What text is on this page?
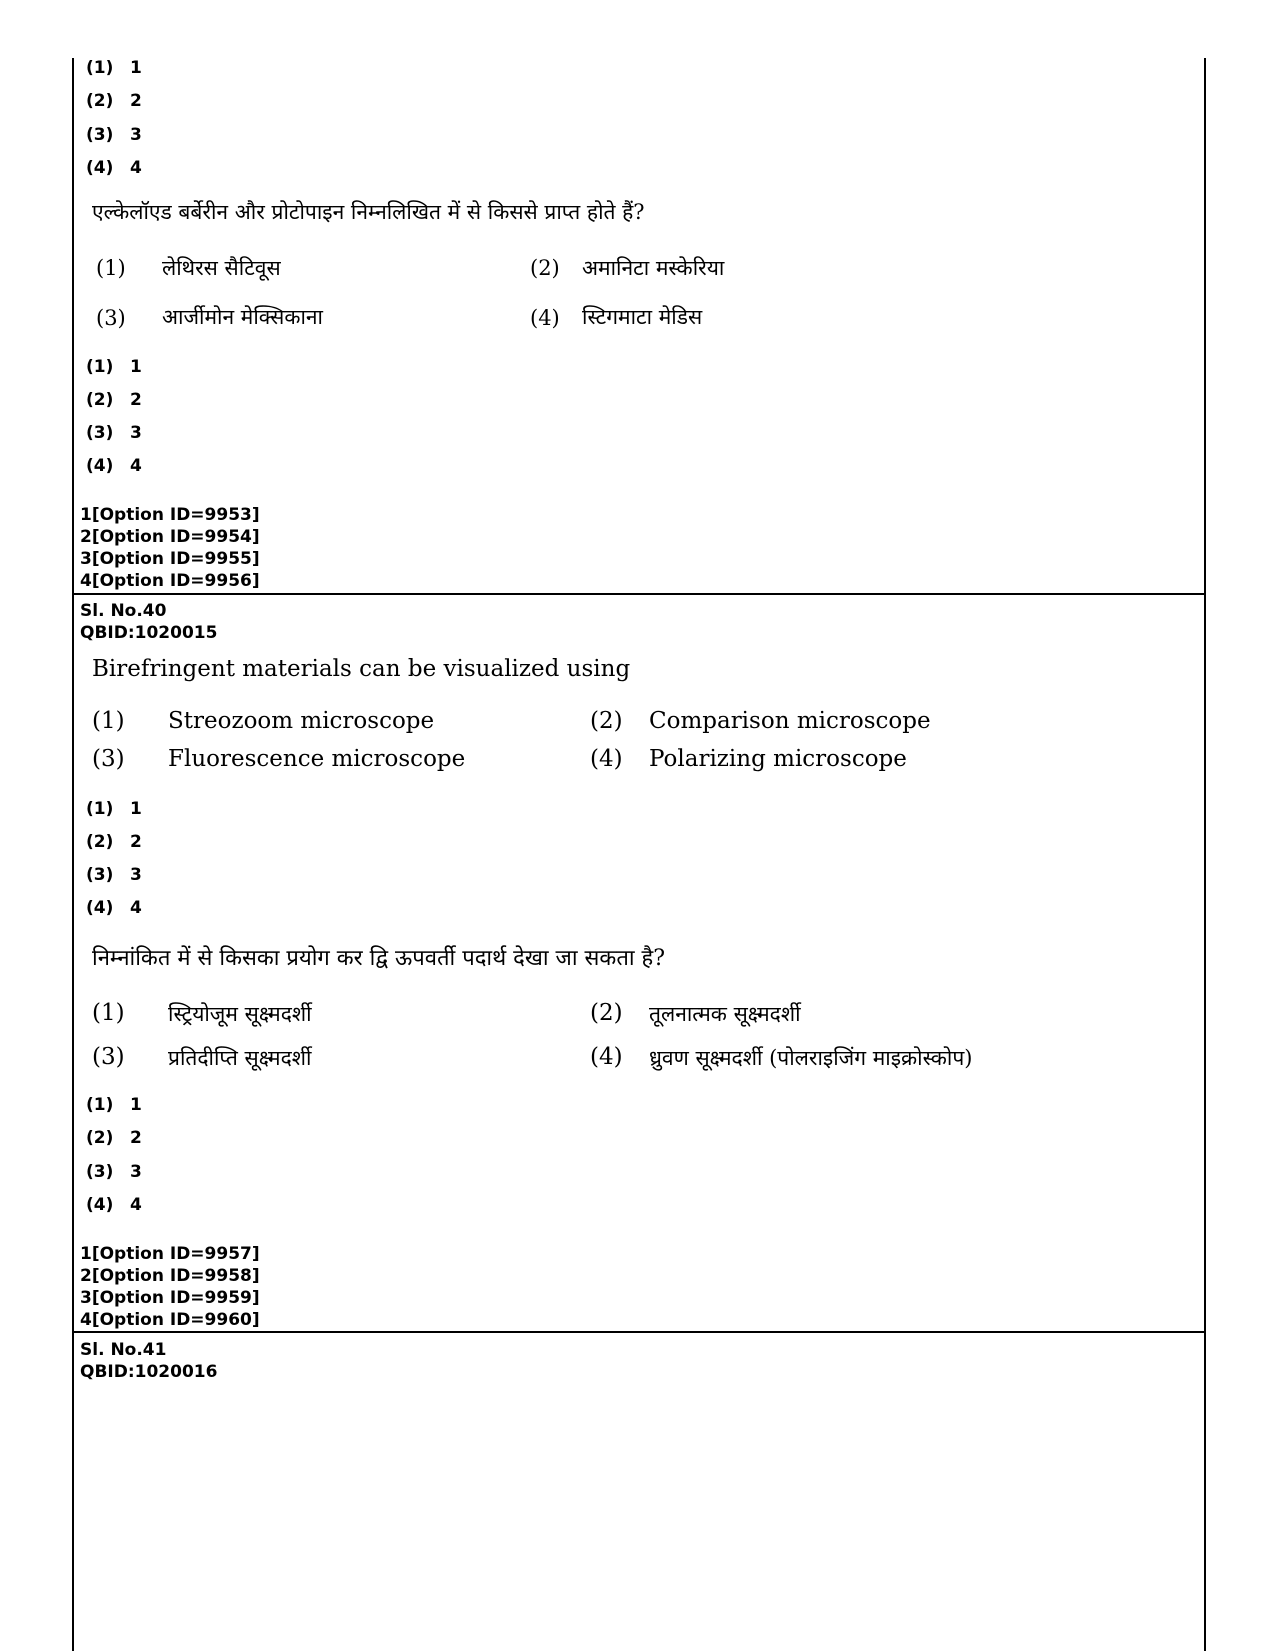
(1) 1
(2) 2
(3) 3
(4) 4
एल्केलॉएड बर्बेरीन और प्रोटोपाइन निम्नलिखित में से किससे प्राप्त होते हैं?
(1) लेथिरस सैटिवूस	(2) अमानिटा मस्केरिया
(3) आर्जीमोन मेक्सिकाना	(4) स्टिगमाटा मेडिस
(1) 1
(2) 2
(3) 3
(4) 4
1[Option ID=9953]
2[Option ID=9954]
3[Option ID=9955]
4[Option ID=9956]
Sl. No.40
QBID:1020015
Birefringent materials can be visualized using
(1) Streozoom microscope	(2) Comparison microscope
(3) Fluorescence microscope	(4) Polarizing microscope
(1) 1
(2) 2
(3) 3
(4) 4
निम्नांकित में से किसका प्रयोग कर द्वि ऊपवर्ती पदार्थ देखा जा सकता है?
(1) स्ट्रियोजूम सूक्ष्मदर्शी	(2) तूलनात्मक सूक्ष्मदर्शी
(3) प्रतिदीप्ति सूक्ष्मदर्शी	(4) ध्रुवण सूक्ष्मदर्शी (पोलराइजिंग माइक्रोस्कोप)
(1) 1
(2) 2
(3) 3
(4) 4
1[Option ID=9957]
2[Option ID=9958]
3[Option ID=9959]
4[Option ID=9960]
Sl. No.41
QBID:1020016
